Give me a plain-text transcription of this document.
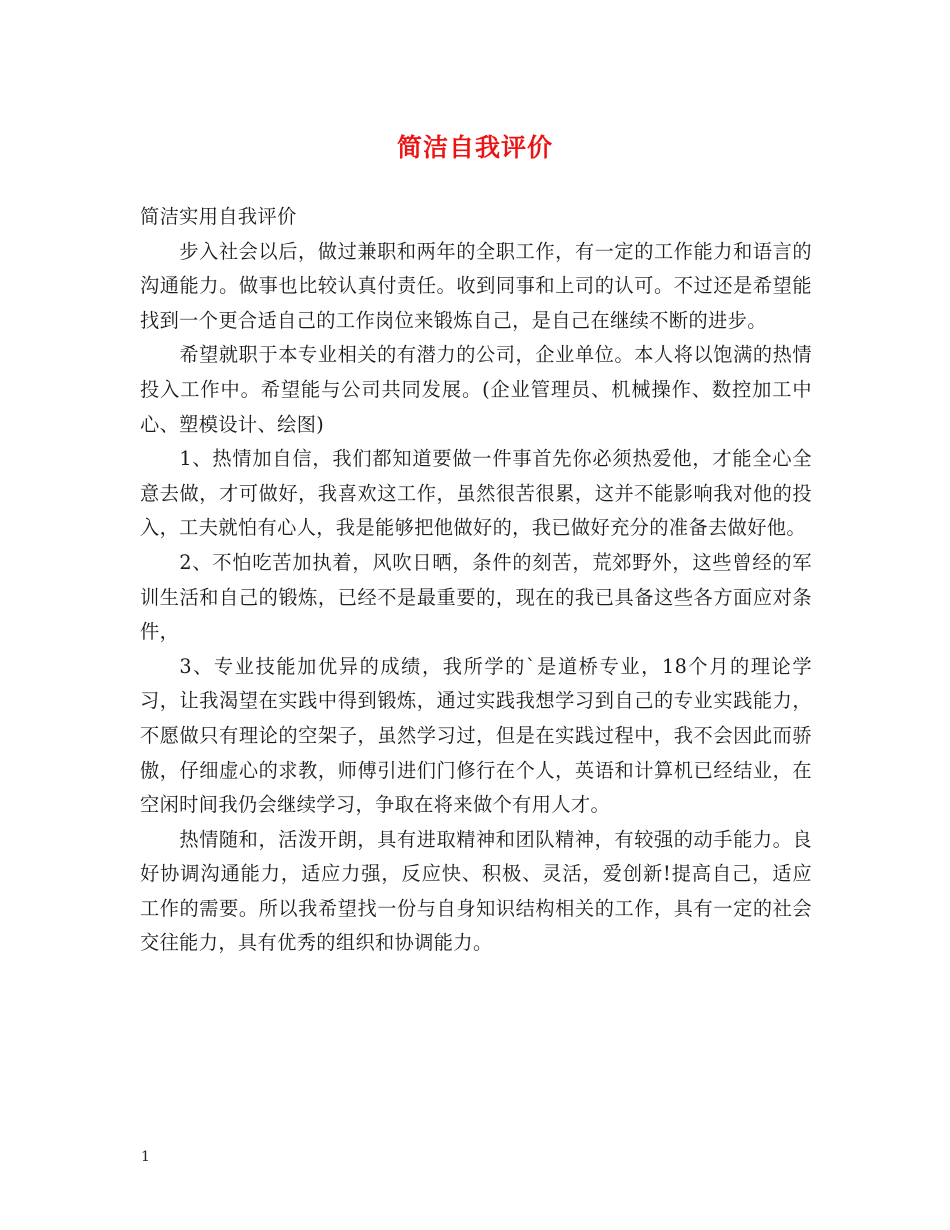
简洁自我评价

简洁实用自我评价

步入社会以后，做过兼职和两年的全职工作，有一定的工作能力和语言的沟通能力。做事也比较认真付责任。收到同事和上司的认可。不过还是希望能找到一个更合适自己的工作岗位来锻炼自己，是自己在继续不断的进步。

希望就职于本专业相关的有潜力的公司，企业单位。本人将以饱满的热情投入工作中。希望能与公司共同发展。(企业管理员、机械操作、数控加工中心、塑模设计、绘图)

1、热情加自信，我们都知道要做一件事首先你必须热爱他，才能全心全意去做，才可做好，我喜欢这工作，虽然很苦很累，这并不能影响我对他的投入，工夫就怕有心人，我是能够把他做好的，我已做好充分的准备去做好他。

2、不怕吃苦加执着，风吹日晒，条件的刻苦，荒郊野外，这些曾经的军训生活和自己的锻炼，已经不是最重要的，现在的我已具备这些各方面应对条件，

3、专业技能加优异的成绩，我所学的`是道桥专业，18个月的理论学习，让我渴望在实践中得到锻炼，通过实践我想学习到自己的专业实践能力，不愿做只有理论的空架子，虽然学习过，但是在实践过程中，我不会因此而骄傲，仔细虚心的求教，师傅引进们门修行在个人，英语和计算机已经结业，在空闲时间我仍会继续学习，争取在将来做个有用人才。

热情随和，活泼开朗，具有进取精神和团队精神，有较强的动手能力。良好协调沟通能力，适应力强，反应快、积极、灵活，爱创新!提高自己，适应工作的需要。所以我希望找一份与自身知识结构相关的工作，具有一定的社会交往能力，具有优秀的组织和协调能力。

1
